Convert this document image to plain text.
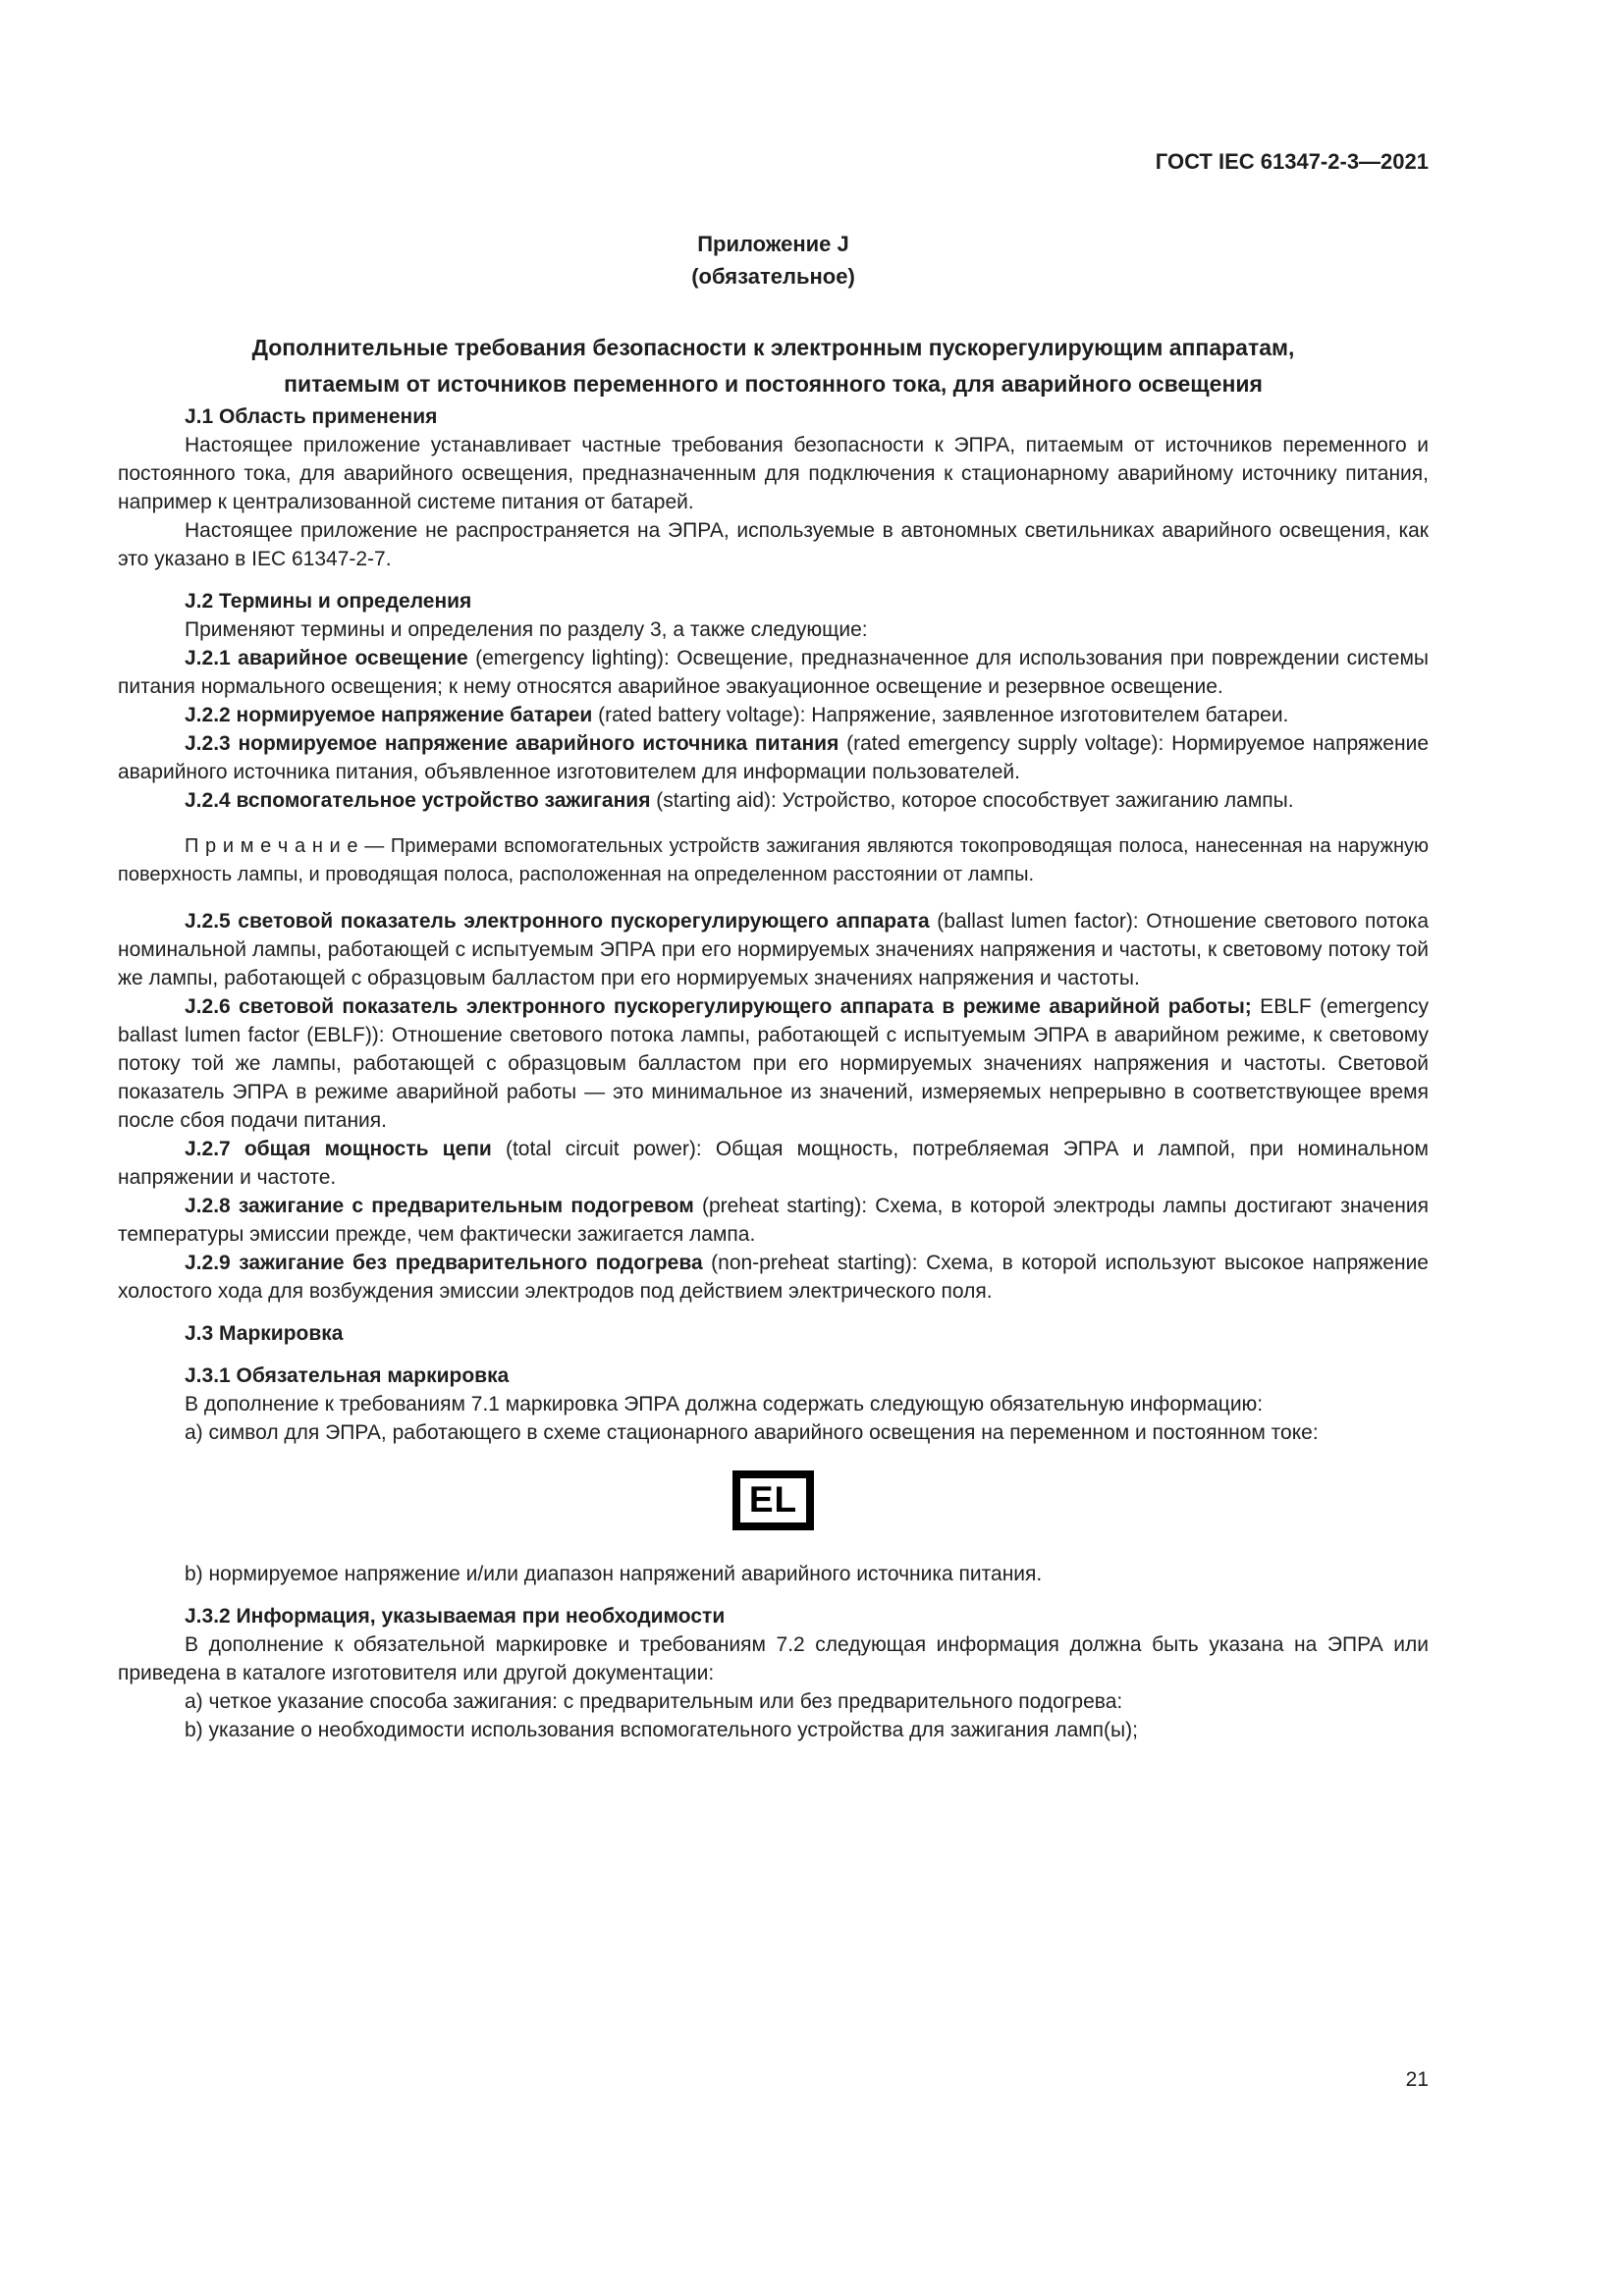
ГОСТ IEC 61347-2-3—2021
Приложение J
(обязательное)
Дополнительные требования безопасности к электронным пускорегулирующим аппаратам,
питаемым от источников переменного и постоянного тока, для аварийного освещения
J.1 Область применения
Настоящее приложение устанавливает частные требования безопасности к ЭПРА, питаемым от источников переменного и постоянного тока, для аварийного освещения, предназначенным для подключения к стационарному аварийному источнику питания, например к централизованной системе питания от батарей.
Настоящее приложение не распространяется на ЭПРА, используемые в автономных светильниках аварийного освещения, как это указано в IEC 61347-2-7.
J.2 Термины и определения
Применяют термины и определения по разделу 3, а также следующие:
J.2.1 аварийное освещение (emergency lighting): Освещение, предназначенное для использования при повреждении системы питания нормального освещения; к нему относятся аварийное эвакуационное освещение и резервное освещение.
J.2.2 нормируемое напряжение батареи (rated battery voltage): Напряжение, заявленное изготовителем батареи.
J.2.3 нормируемое напряжение аварийного источника питания (rated emergency supply voltage): Нормируемое напряжение аварийного источника питания, объявленное изготовителем для информации пользователей.
J.2.4 вспомогательное устройство зажигания (starting aid): Устройство, которое способствует зажиганию лампы.
П р и м е ч а н и е — Примерами вспомогательных устройств зажигания являются токопроводящая полоса, нанесенная на наружную поверхность лампы, и проводящая полоса, расположенная на определенном расстоянии от лампы.
J.2.5 световой показатель электронного пускорегулирующего аппарата (ballast lumen factor): Отношение светового потока номинальной лампы, работающей с испытуемым ЭПРА при его нормируемых значениях напряжения и частоты, к световому потоку той же лампы, работающей с образцовым балластом при его нормируемых значениях напряжения и частоты.
J.2.6 световой показатель электронного пускорегулирующего аппарата в режиме аварийной работы; EBLF (emergency ballast lumen factor (EBLF)): Отношение светового потока лампы, работающей с испытуемым ЭПРА в аварийном режиме, к световому потоку той же лампы, работающей с образцовым балластом при его нормируемых значениях напряжения и частоты. Световой показатель ЭПРА в режиме аварийной работы — это минимальное из значений, измеряемых непрерывно в соответствующее время после сбоя подачи питания.
J.2.7 общая мощность цепи (total circuit power): Общая мощность, потребляемая ЭПРА и лампой, при номинальном напряжении и частоте.
J.2.8 зажигание с предварительным подогревом (preheat starting): Схема, в которой электроды лампы достигают значения температуры эмиссии прежде, чем фактически зажигается лампа.
J.2.9 зажигание без предварительного подогрева (non-preheat starting): Схема, в которой используют высокое напряжение холостого хода для возбуждения эмиссии электродов под действием электрического поля.
J.3 Маркировка
J.3.1 Обязательная маркировка
В дополнение к требованиям 7.1 маркировка ЭПРА должна содержать следующую обязательную информацию:
а) символ для ЭПРА, работающего в схеме стационарного аварийного освещения на переменном и постоянном токе:
EL
b) нормируемое напряжение и/или диапазон напряжений аварийного источника питания.
J.3.2 Информация, указываемая при необходимости
В дополнение к обязательной маркировке и требованиям 7.2 следующая информация должна быть указана на ЭПРА или приведена в каталоге изготовителя или другой документации:
а) четкое указание способа зажигания: с предварительным или без предварительного подогрева:
b) указание о необходимости использования вспомогательного устройства для зажигания ламп(ы);
21
